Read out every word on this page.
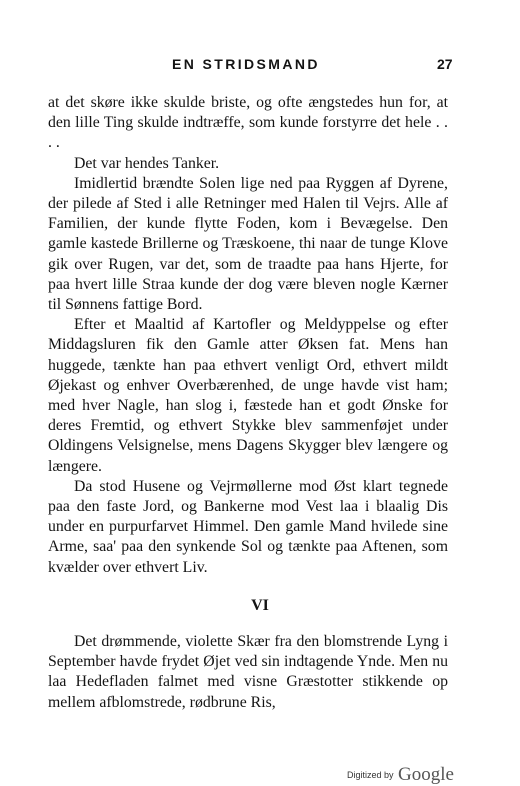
EN STRIDSMAND	27

at det skøre ikke skulde briste, og ofte ængstedes hun for, at den lille Ting skulde indtræffe, som kunde forstyrre det hele . . . .

Det var hendes Tanker.

Imidlertid brændte Solen lige ned paa Ryggen af Dyrene, der pilede af Sted i alle Retninger med Halen til Vejrs. Alle af Familien, der kunde flytte Foden, kom i Bevægelse. Den gamle kastede Brillerne og Træskoene, thi naar de tunge Klove gik over Rugen, var det, som de traadte paa hans Hjerte, for paa hvert lille Straa kunde der dog være bleven nogle Kærner til Sønnens fattige Bord.

Efter et Maaltid af Kartofler og Meldyppelse og efter Middagsluren fik den Gamle atter Øksen fat. Mens han huggede, tænkte han paa ethvert venligt Ord, ethvert mildt Øjekast og enhver Overbærenhed, de unge havde vist ham; med hver Nagle, han slog i, fæstede han et godt Ønske for deres Fremtid, og ethvert Stykke blev sammenføjet under Oldingens Velsignelse, mens Dagens Skygger blev længere og længere.

Da stod Husene og Vejrmøllerne mod Øst klart tegnede paa den faste Jord, og Bankerne mod Vest laa i blaalig Dis under en purpurfarvet Himmel. Den gamle Mand hvilede sine Arme, saa' paa den synkende Sol og tænkte paa Aftenen, som kvælder over ethvert Liv.

VI

Det drømmende, violette Skær fra den blomstrende Lyng i September havde frydet Øjet ved sin indtagende Ynde. Men nu laa Hedefladen falmet med visne Græstotter stikkende op mellem afblomstrede, rødbrune Ris,

Digitized by Google
